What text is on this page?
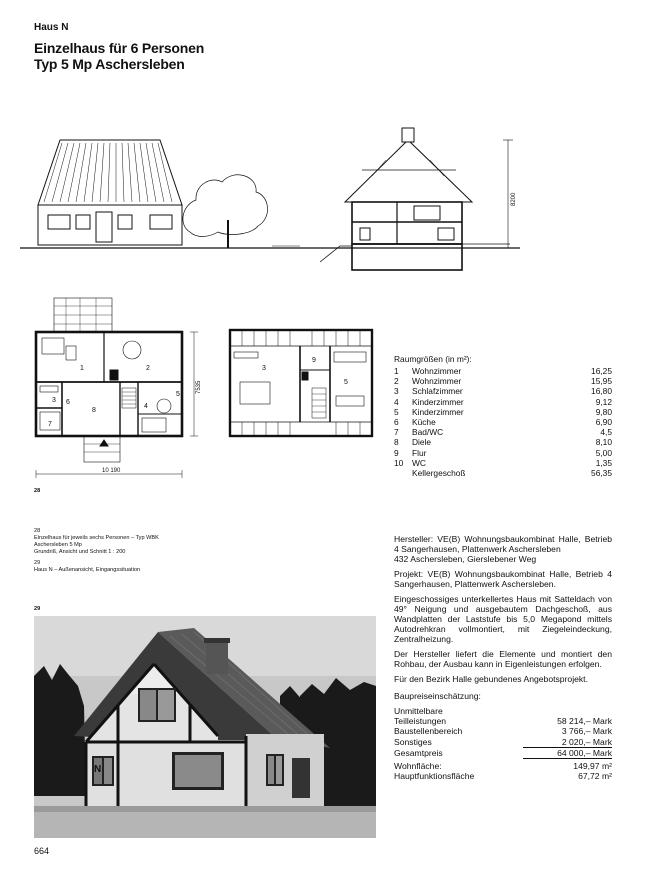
Haus N
Einzelhaus für 6 Personen
Typ 5 Mp Aschersleben
8200
1	2
3
4
5
6
7
8
3
5
9
10 190
7535
28
Raumgrößen (in m²):
1	Wohnzimmer	16,25
2	Wohnzimmer	15,95
3	Schlafzimmer	16,80
4	Kinderzimmer	9,12
5	Kinderzimmer	9,80
6	Küche	6,90
7	Bad/WC	4,5
8	Diele	8,10
9	Flur	5,00
10	WC	1,35
	Kellergeschoß	56,35
28
Einzelhaus für jeweils sechs Personen – Typ WBK
Aschersleben 5 Mp
Grundriß, Ansicht und Schnitt 1 : 200
29
Haus N – Außenansicht, Eingangssituation
29
N
Hersteller: VE(B) Wohnungsbaukombinat Halle, Betrieb 4 Sangerhausen, Plattenwerk Aschersleben
432 Aschersleben, Gierslebener Weg
Projekt: VE(B) Wohnungsbaukombinat Halle, Betrieb 4 Sangerhausen, Plattenwerk Aschersleben.
Eingeschossiges unterkellertes Haus mit Satteldach von 49° Neigung und ausgebautem Dachgeschoß, aus Wandplatten der Laststufe bis 5,0 Megapond mittels Autodrehkran vollmontiert, mit Ziegeleindeckung, Zentralheizung.
Der Hersteller liefert die Elemente und montiert den Rohbau, der Ausbau kann in Eigenleistungen erfolgen.
Für den Bezirk Halle gebundenes Angebotsprojekt.
Baupreiseinschätzung:
Unmittelbare	
Teilleistungen	58 214,– Mark
Baustellenbereich	3 766,– Mark
Sonstiges	2 020,– Mark
Gesamtpreis	64 000,– Mark
Wohnfläche:	149,97 m²
Hauptfunktionsfläche	67,72 m²
664
